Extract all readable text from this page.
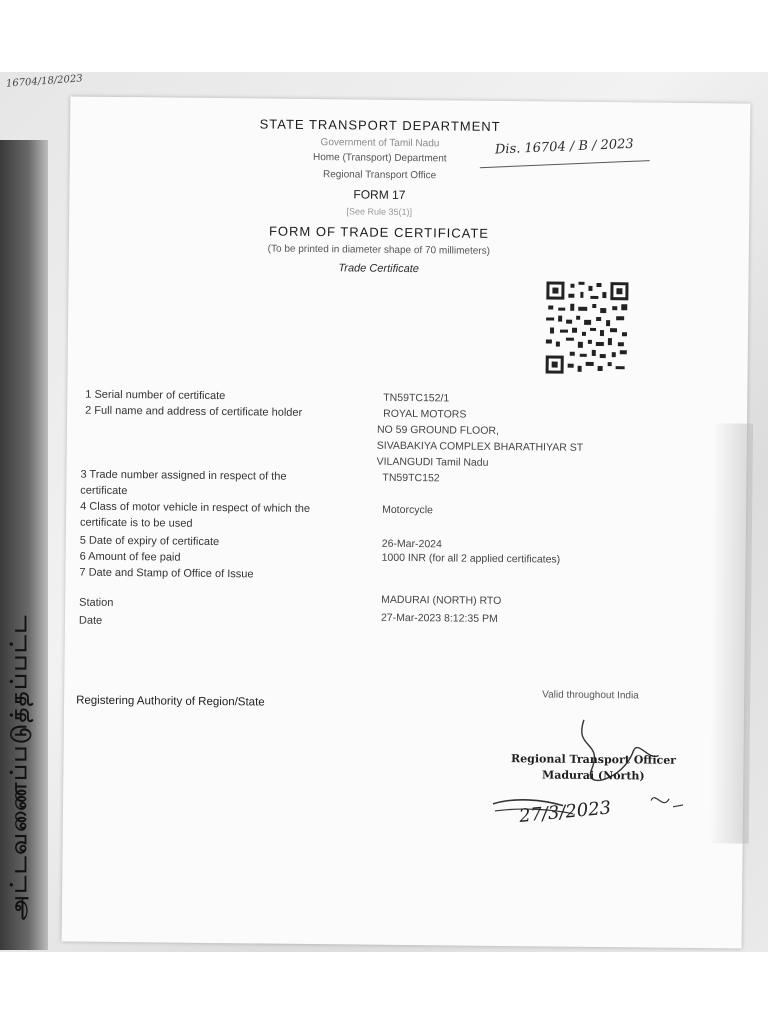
அட்டவணைப்படுத்தப்பட்ட
16704/18/2023
STATE TRANSPORT DEPARTMENT
Government of Tamil Nadu
Home (Transport) Department
Regional Transport Office
FORM 17
[See Rule 35(1)]
FORM OF TRADE CERTIFICATE
(To be printed in diameter shape of 70 millimeters)
Trade Certificate
Dis. 16704 / B / 2023
1 Serial number of certificate	TN59TC152/1
2 Full name and address of certificate holder	ROYAL MOTORS
NO 59 GROUND FLOOR,
SIVABAKIYA COMPLEX BHARATHIYAR ST
VILANGUDI Tamil Nadu
3 Trade number assigned in respect of the	TN59TC152
certificate
4 Class of motor vehicle in respect of which the	Motorcycle
certificate is to be used
5 Date of expiry of certificate	26-Mar-2024
6 Amount of fee paid	1000 INR (for all 2 applied certificates)
7 Date and Stamp of Office of Issue
Station	MADURAI (NORTH) RTO
Date	27-Mar-2023 8:12:35 PM
Registering Authority of Region/State	Valid throughout India
Regional Transport Officer
Madurai (North)
27/3/2023
